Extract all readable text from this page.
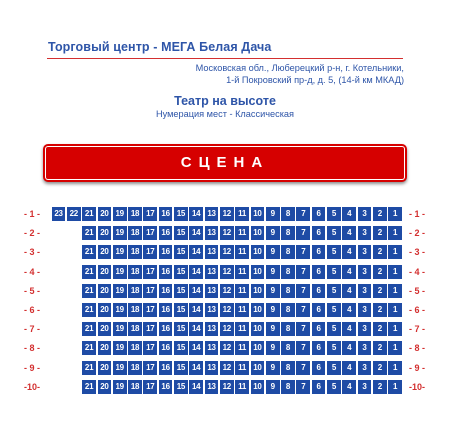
Торговый центр - МЕГА Белая Дача
Московская обл., Люберецкий р-н, г. Котельники,
1-й Покровский пр-д, д. 5, (14-й км МКАД)
Театр на высоте
Нумерация мест - Классическая
СЦЕНА
- 1 -	23 22 21 20 19 18 17 16 15 14 13 12 11 10	9	8	7	6	5	4	3	2	1	- 1 -
- 2 -	21 20 19 18 17 16 15 14 13 12 11 10	9	8	7	6	5	4	3	2	1	- 2 -
- 3 -	21 20 19 18 17 16 15 14 13 12 11 10	9	8	7	6	5	4	3	2	1	- 3 -
- 4 -	21 20 19 18 17 16 15 14 13 12 11 10	9	8	7	6	5	4	3	2	1	- 4 -
- 5 -	21 20 19 18 17 16 15 14 13 12 11 10	9	8	7	6	5	4	3	2	1	- 5 -
- 6 -	21 20 19 18 17 16 15 14 13 12 11 10	9	8	7	6	5	4	3	2	1	- 6 -
- 7 -	21 20 19 18 17 16 15 14 13 12 11 10	9	8	7	6	5	4	3	2	1	- 7 -
- 8 -	21 20 19 18 17 16 15 14 13 12 11 10	9	8	7	6	5	4	3	2	1	- 8 -
- 9 -	21 20 19 18 17 16 15 14 13 12 11 10	9	8	7	6	5	4	3	2	1	- 9 -
-10-	21 20 19 18 17 16 15 14 13 12 11 10	9	8	7	6	5	4	3	2	1	-10-
